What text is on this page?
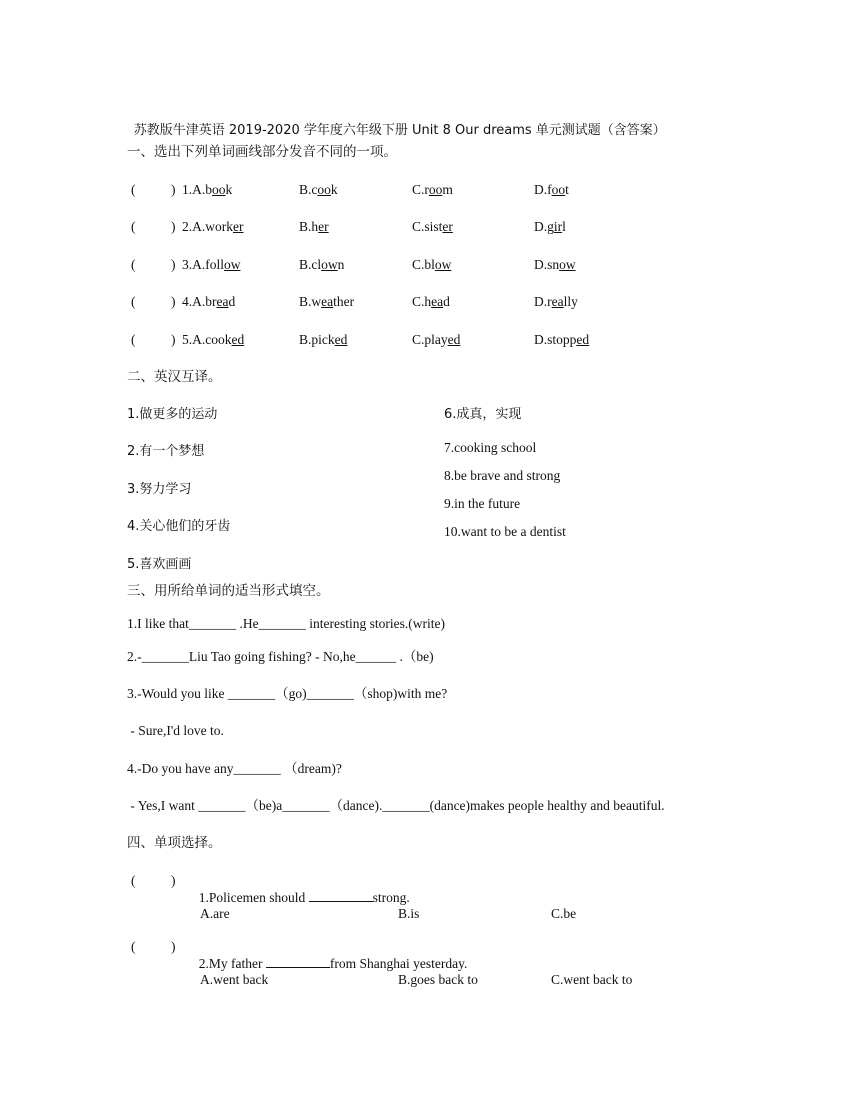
苏教版牛津英语 2019-2020 学年度六年级下册 Unit 8 Our dreams 单元测试题（含答案）

一、选出下列单词画线部分发音不同的一项。
(	) 1.A.book	B.cook	C.room	D.foot
(	) 2.A.worker	B.her	C.sister	D.girl
(	) 3.A.follow	B.clown	C.blow	D.snow
(	) 4.A.bread	B.weather	C.head	D.really
(	) 5.A.cooked	B.picked	C.played	D.stopped
二、英汉互译。
1.做更多的运动
2.有一个梦想
3.努力学习
4.关心他们的牙齿
5.喜欢画画
6.成真，实现
7.cooking school
8.be brave and strong
9.in the future
10.want to be a dentist
三、用所给单词的适当形式填空。
1.I like that_______ .He_______ interesting stories.(write)
2.-_______Liu Tao going fishing? - No,he______ .（be)
3.-Would you like _______（go)_______（shop)with me?
- Sure,I'd love to.
4.-Do you have any_______ （dream)?
- Yes,I want _______（be)a_______（dance)._______(dance)makes people healthy and beautiful.
四、单项选择。
(	)

1.Policemen should	strong.

A.are	B.is	C.be
(	)

2.My father	from Shanghai yesterday.

A.went back	B.goes back to	C.went back to
